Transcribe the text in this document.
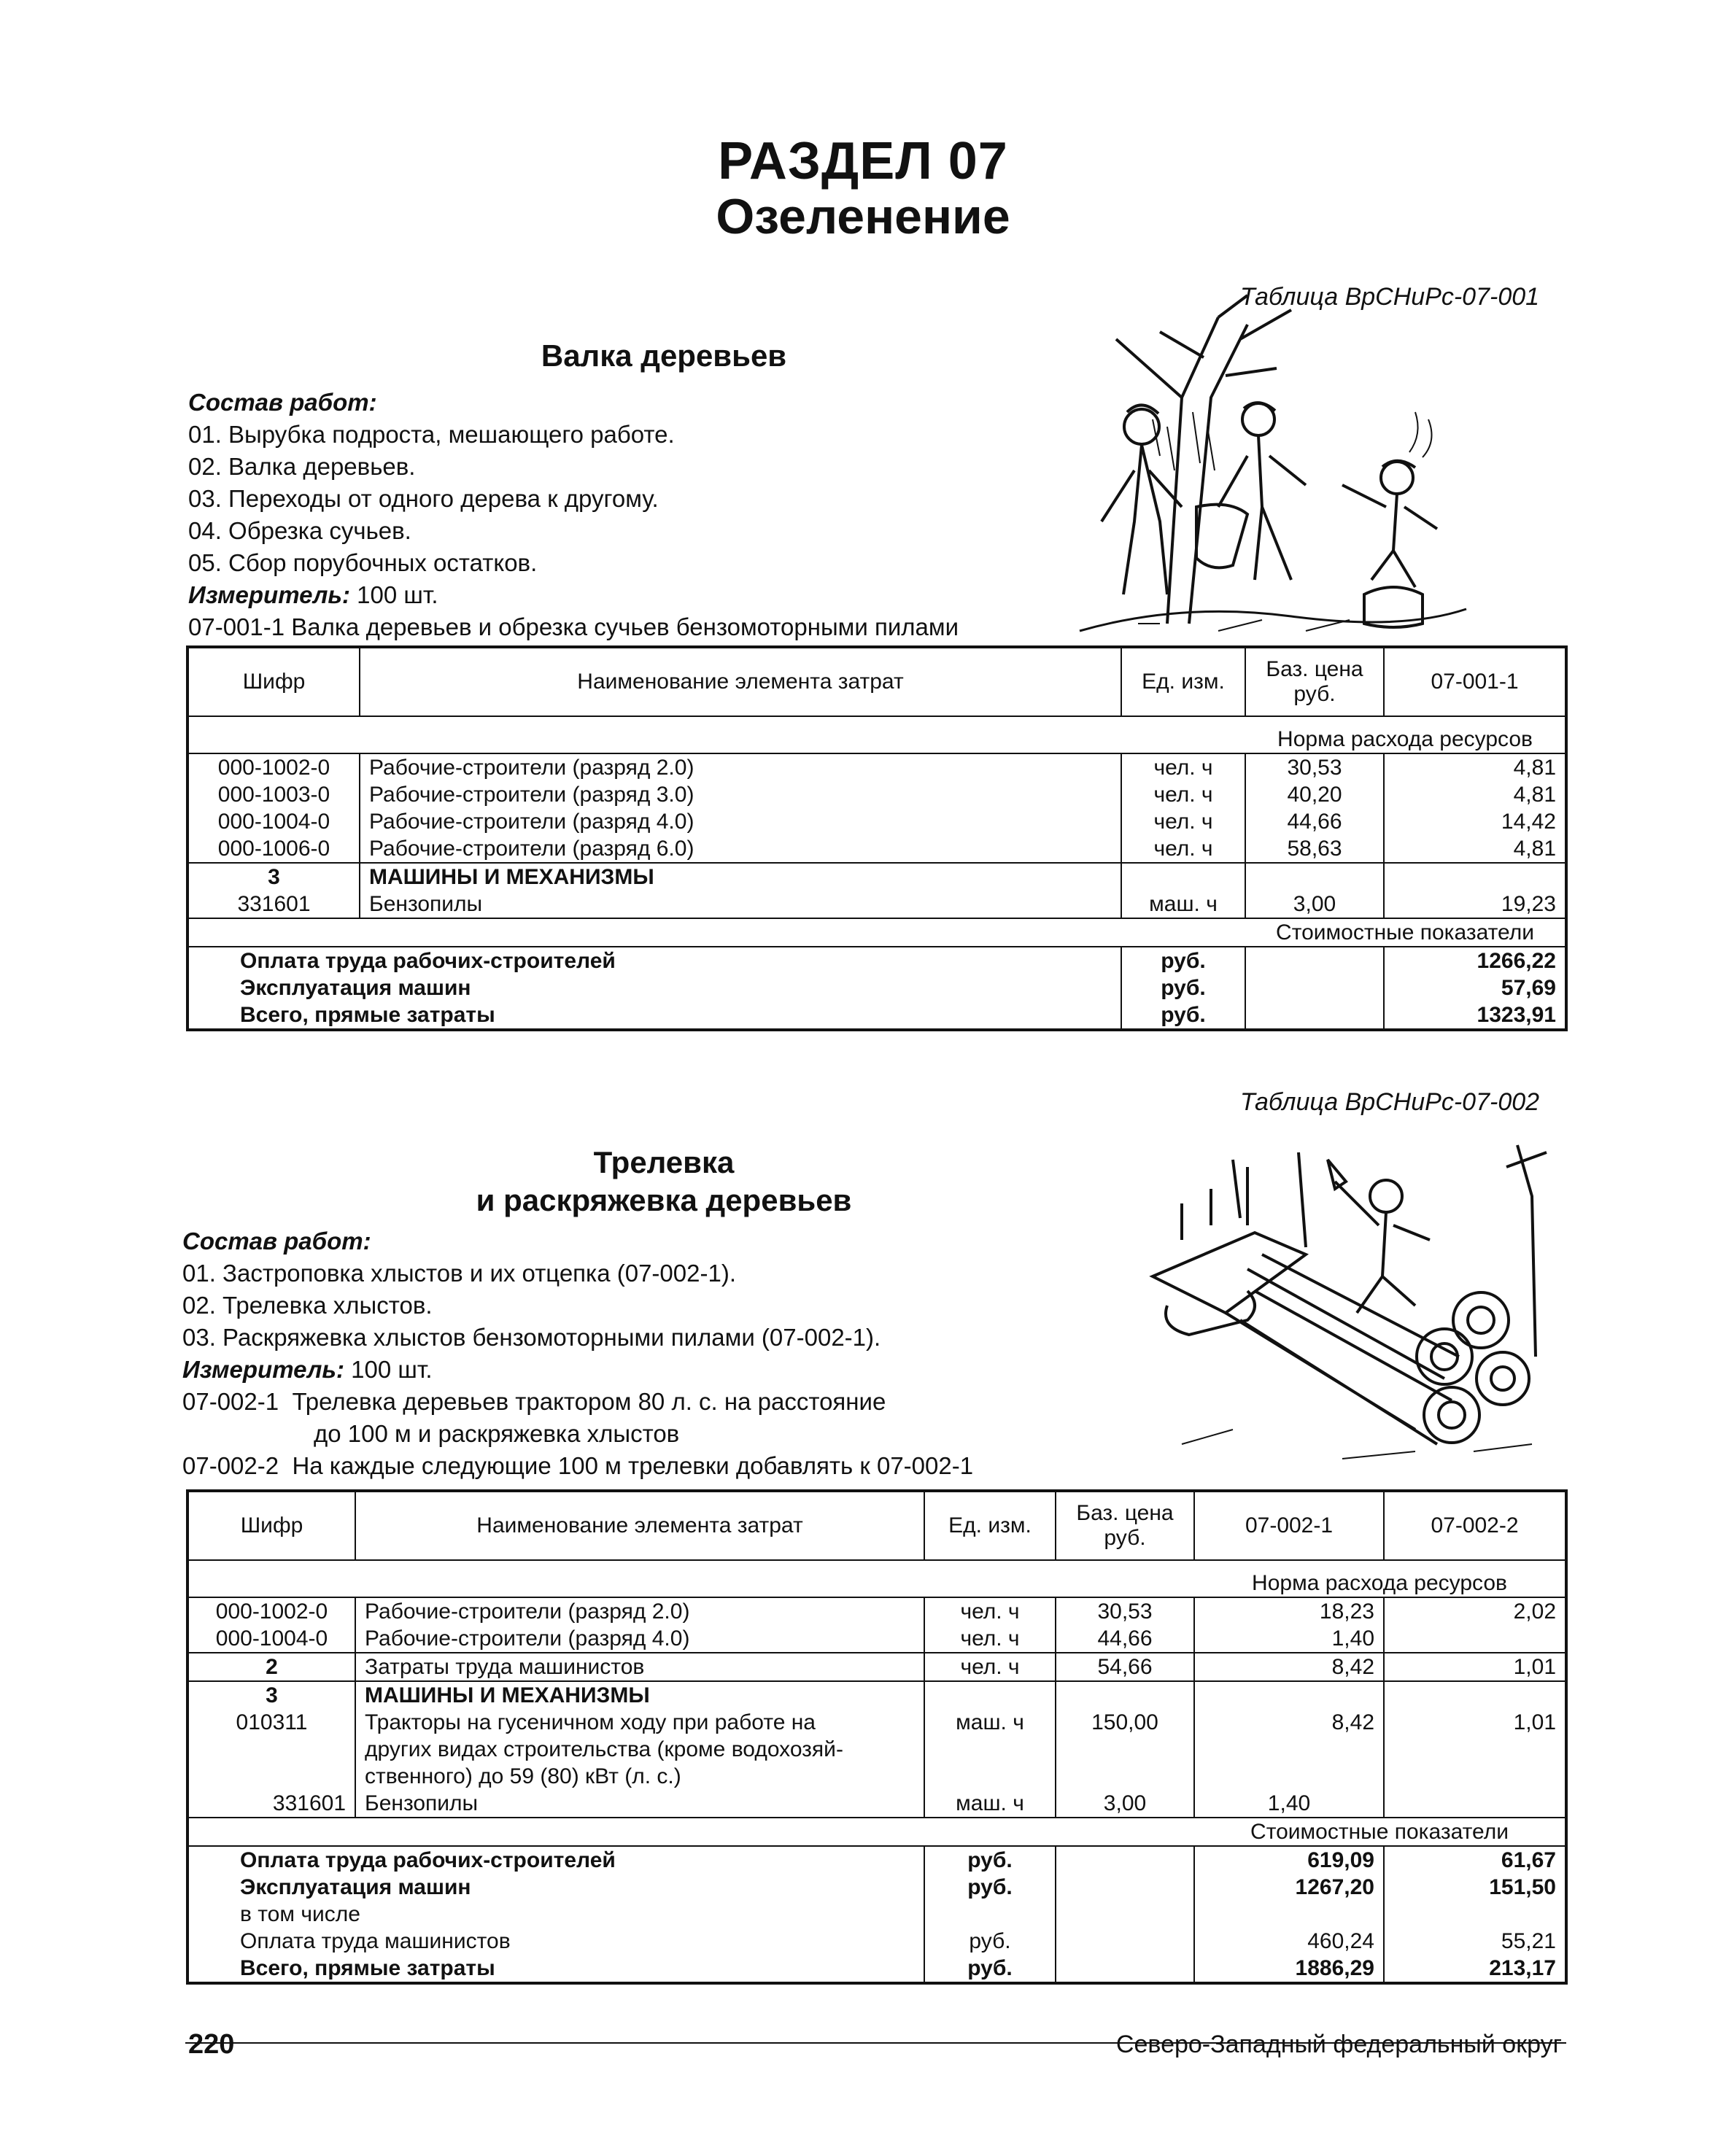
РАЗДЕЛ 07
Озеленение
Таблица ВрСНиРс-07-001
Валка деревьев
Состав работ:
01. Вырубка подроста, мешающего работе.
02. Валка деревьев.
03. Переходы от одного дерева к другому.
04. Обрезка сучьев.
05. Сбор порубочных остатков.
Измеритель: 100 шт.
07-001-1 Валка деревьев и обрезка сучьев бензомоторными пилами
Шифр	Наименование элемента затрат	Ед. изм.	Баз. цена руб.	07-001-1

			Норма расхода ресурсов	
000-1002-0	Рабочие-строители (разряд 2.0)	чел. ч	30,53	4,81
000-1003-0	Рабочие-строители (разряд 3.0)	чел. ч	40,20	4,81
000-1004-0	Рабочие-строители (разряд 4.0)	чел. ч	44,66	14,42
000-1006-0	Рабочие-строители (разряд 6.0)	чел. ч	58,63	4,81
3	МАШИНЫ И МЕХАНИЗМЫ			
331601	Бензопилы	маш. ч	3,00	19,23
			Стоимостные показатели	
Оплата труда рабочих-строителей		руб.		1266,22
Эксплуатация машин		руб.		57,69
Всего, прямые затраты		руб.		1323,91
Таблица ВрСНиРс-07-002
Трелевка
и раскряжевка деревьев
Состав работ:
01. Застроповка хлыстов и их отцепка (07-002-1).
02. Трелевка хлыстов.
03. Раскряжевка хлыстов бензомоторными пилами (07-002-1).
Измеритель: 100 шт.
07-002-1 Трелевка деревьев трактором 80 л. с. на расстояние
до 100 м и раскряжевка хлыстов
07-002-2 На каждые следующие 100 м трелевки добавлять к 07-002-1
Шифр	Наименование элемента затрат	Ед. изм.	Баз. цена руб.	07-002-1	07-002-2

				Норма расхода ресурсов	
000-1002-0	Рабочие-строители (разряд 2.0)	чел. ч	30,53	18,23	2,02
000-1004-0	Рабочие-строители (разряд 4.0)	чел. ч	44,66	1,40	
2	Затраты труда машинистов	чел. ч	54,66	8,42	1,01
3	МАШИНЫ И МЕХАНИЗМЫ				
010311	Тракторы на гусеничном ходу при работе на
других видах строительства (кроме водохозяй-
ственного) до 59 (80) кВт (л. с.)	маш. ч	150,00	8,42	1,01
331601	Бензопилы	маш. ч	3,00	1,40	
				Стоимостные показатели	
Оплата труда рабочих-строителей		руб.		619,09	61,67
Эксплуатация машин		руб.		1267,20	151,50
в том числе					
Оплата труда машинистов		руб.		460,24	55,21
Всего, прямые затраты		руб.		1886,29	213,17
220	Северо-Западный федеральный округ
